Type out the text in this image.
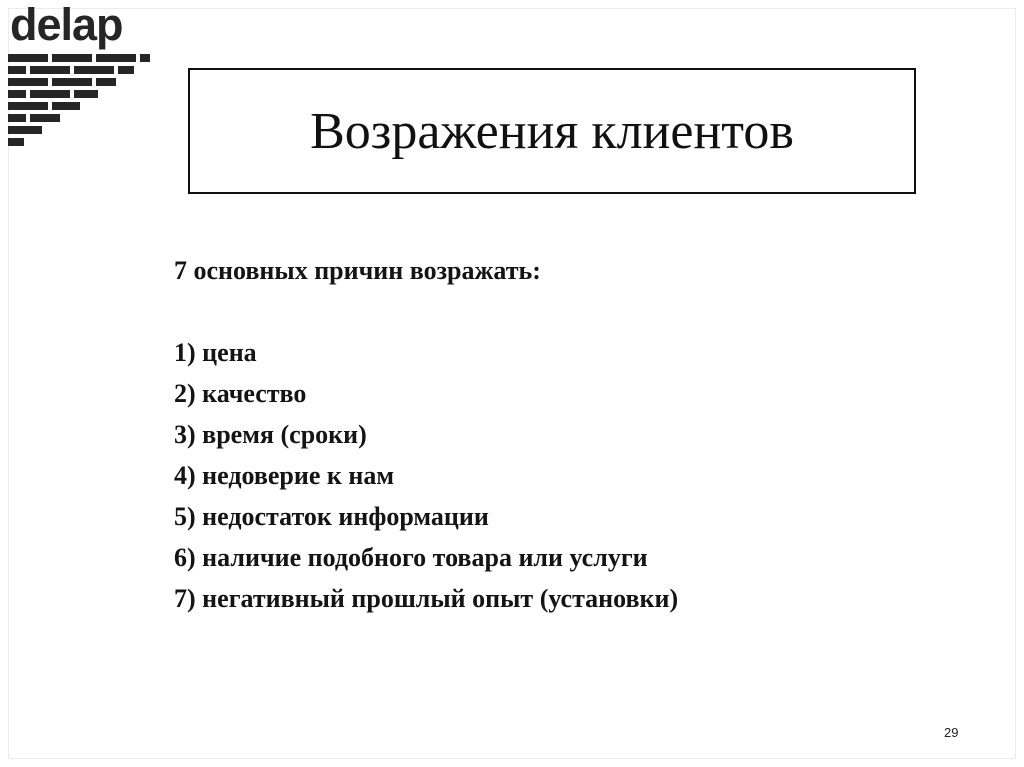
delap
Возражения клиентов

7 основных причин возражать:

1) цена
2) качество
3) время (сроки)
4) недоверие к нам
5) недостаток информации
6) наличие подобного товара или услуги
7) негативный прошлый опыт (установки)
29
